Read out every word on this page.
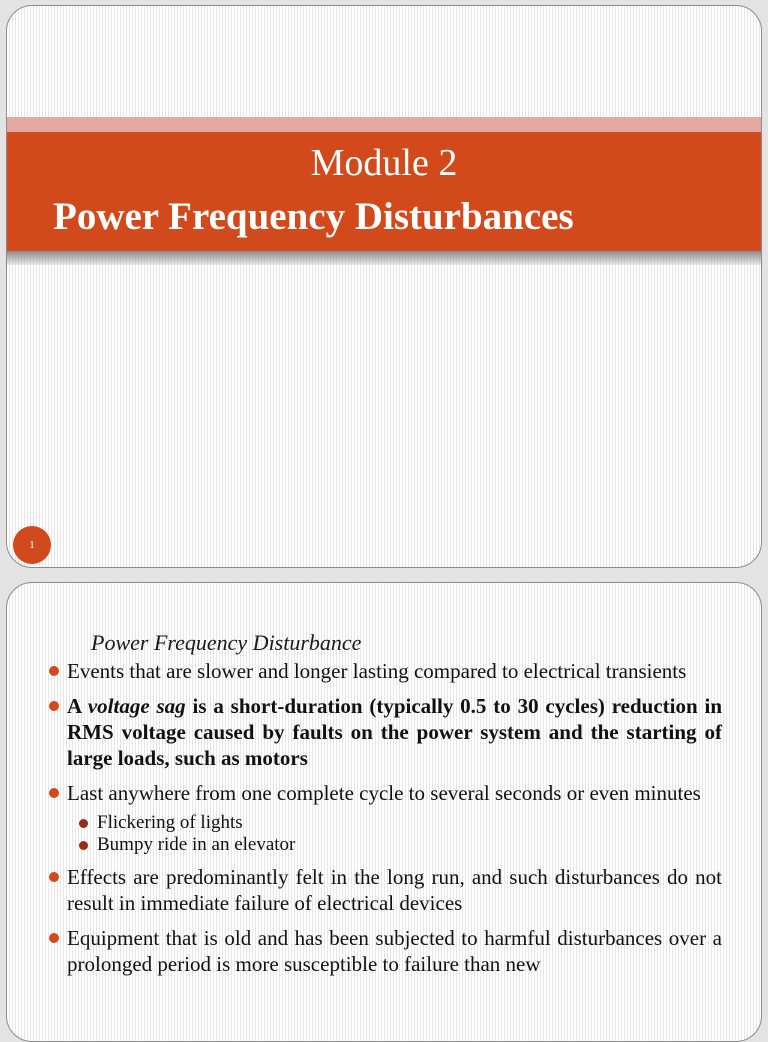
Module 2
Power Frequency Disturbances
1
Power Frequency Disturbance
Events that are slower and longer lasting compared to electrical transients
A voltage sag is a short-duration (typically 0.5 to 30 cycles) reduction in RMS voltage caused by faults on the power system and the starting of large loads, such as motors
Last anywhere from one complete cycle to several seconds or even minutes
Flickering of lights
Bumpy ride in an elevator
Effects are predominantly felt in the long run, and such disturbances do not result in immediate failure of electrical devices
Equipment that is old and has been subjected to harmful disturbances over a prolonged period is more susceptible to failure than new
